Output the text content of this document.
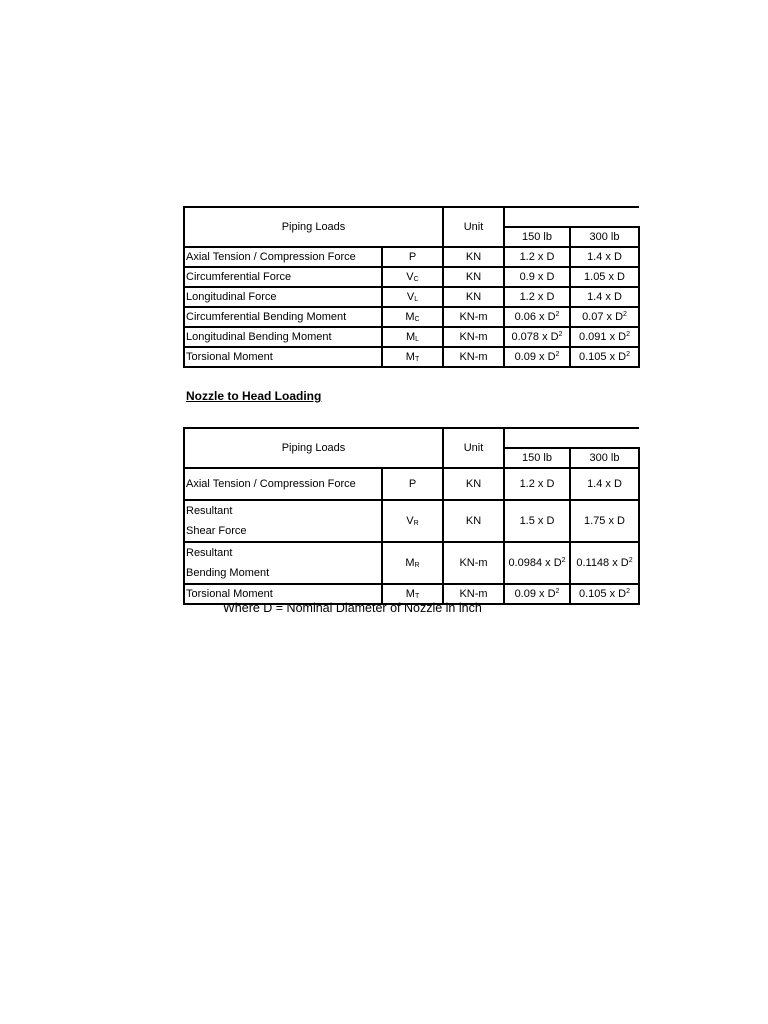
Piping Loads		Unit		
			150 lb	300 lb
Axial Tension / Compression Force	P	KN	1.2 x D	1.4 x D
Circumferential Force	$V_C$	KN	0.9 x D	1.05 x D
Longitudinal Force	$V_L$	KN	1.2 x D	1.4 x D
Circumferential Bending Moment	$M_C$	KN-m	0.06 x $D^2$	0.07 x $D^2$
Longitudinal Bending Moment	$M_L$	KN-m	0.078 x $D^2$	0.091 x $D^2$
Torsional Moment	$M_T$	KN-m	0.09 x $D^2$	0.105 x $D^2$

Nozzle to Head Loading

Piping Loads		Unit		
			150 lb	300 lb
Axial Tension / Compression Force	P	KN	1.2 x D	1.4 x D
Resultant
Shear Force	$V_R$	KN	1.5 x D	1.75 x D
Resultant
Bending Moment	$M_R$	KN-m	0.0984 x $D^2$	0.1148 x $D^2$
Torsional Moment	$M_T$	KN-m	0.09 x $D^2$	0.105 x $D^2$

Where D = Nominal Diameter of Nozzle in inch
